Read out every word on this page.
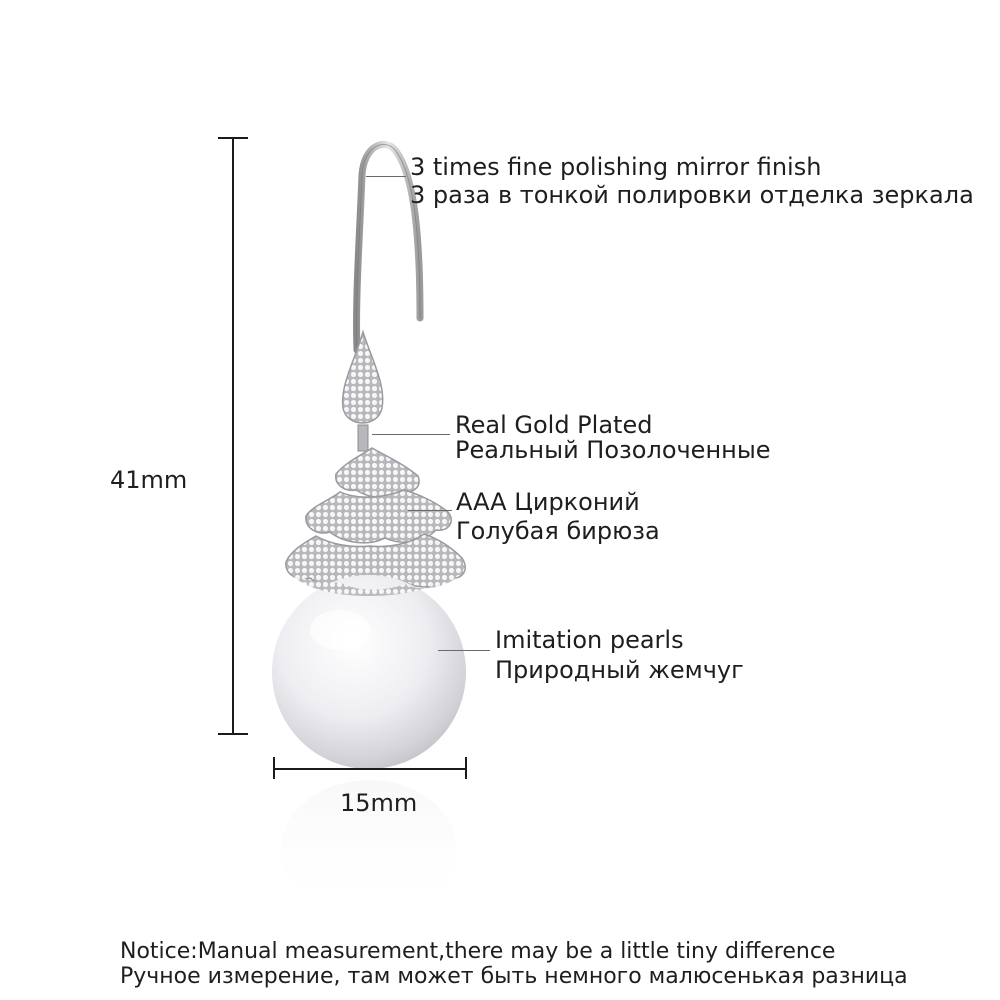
41mm
15mm
3 times fine polishing mirror finish
3 раза в тонкой полировки отделка зеркала
Real Gold Plated
Реальный Позолоченные
AAA Цирконий
Голубая бирюза
Imitation pearls
Природный жемчуг
Notice:Manual measurement,there may be a little tiny difference
Ручное измерение, там может быть немного малюсенькая разница
